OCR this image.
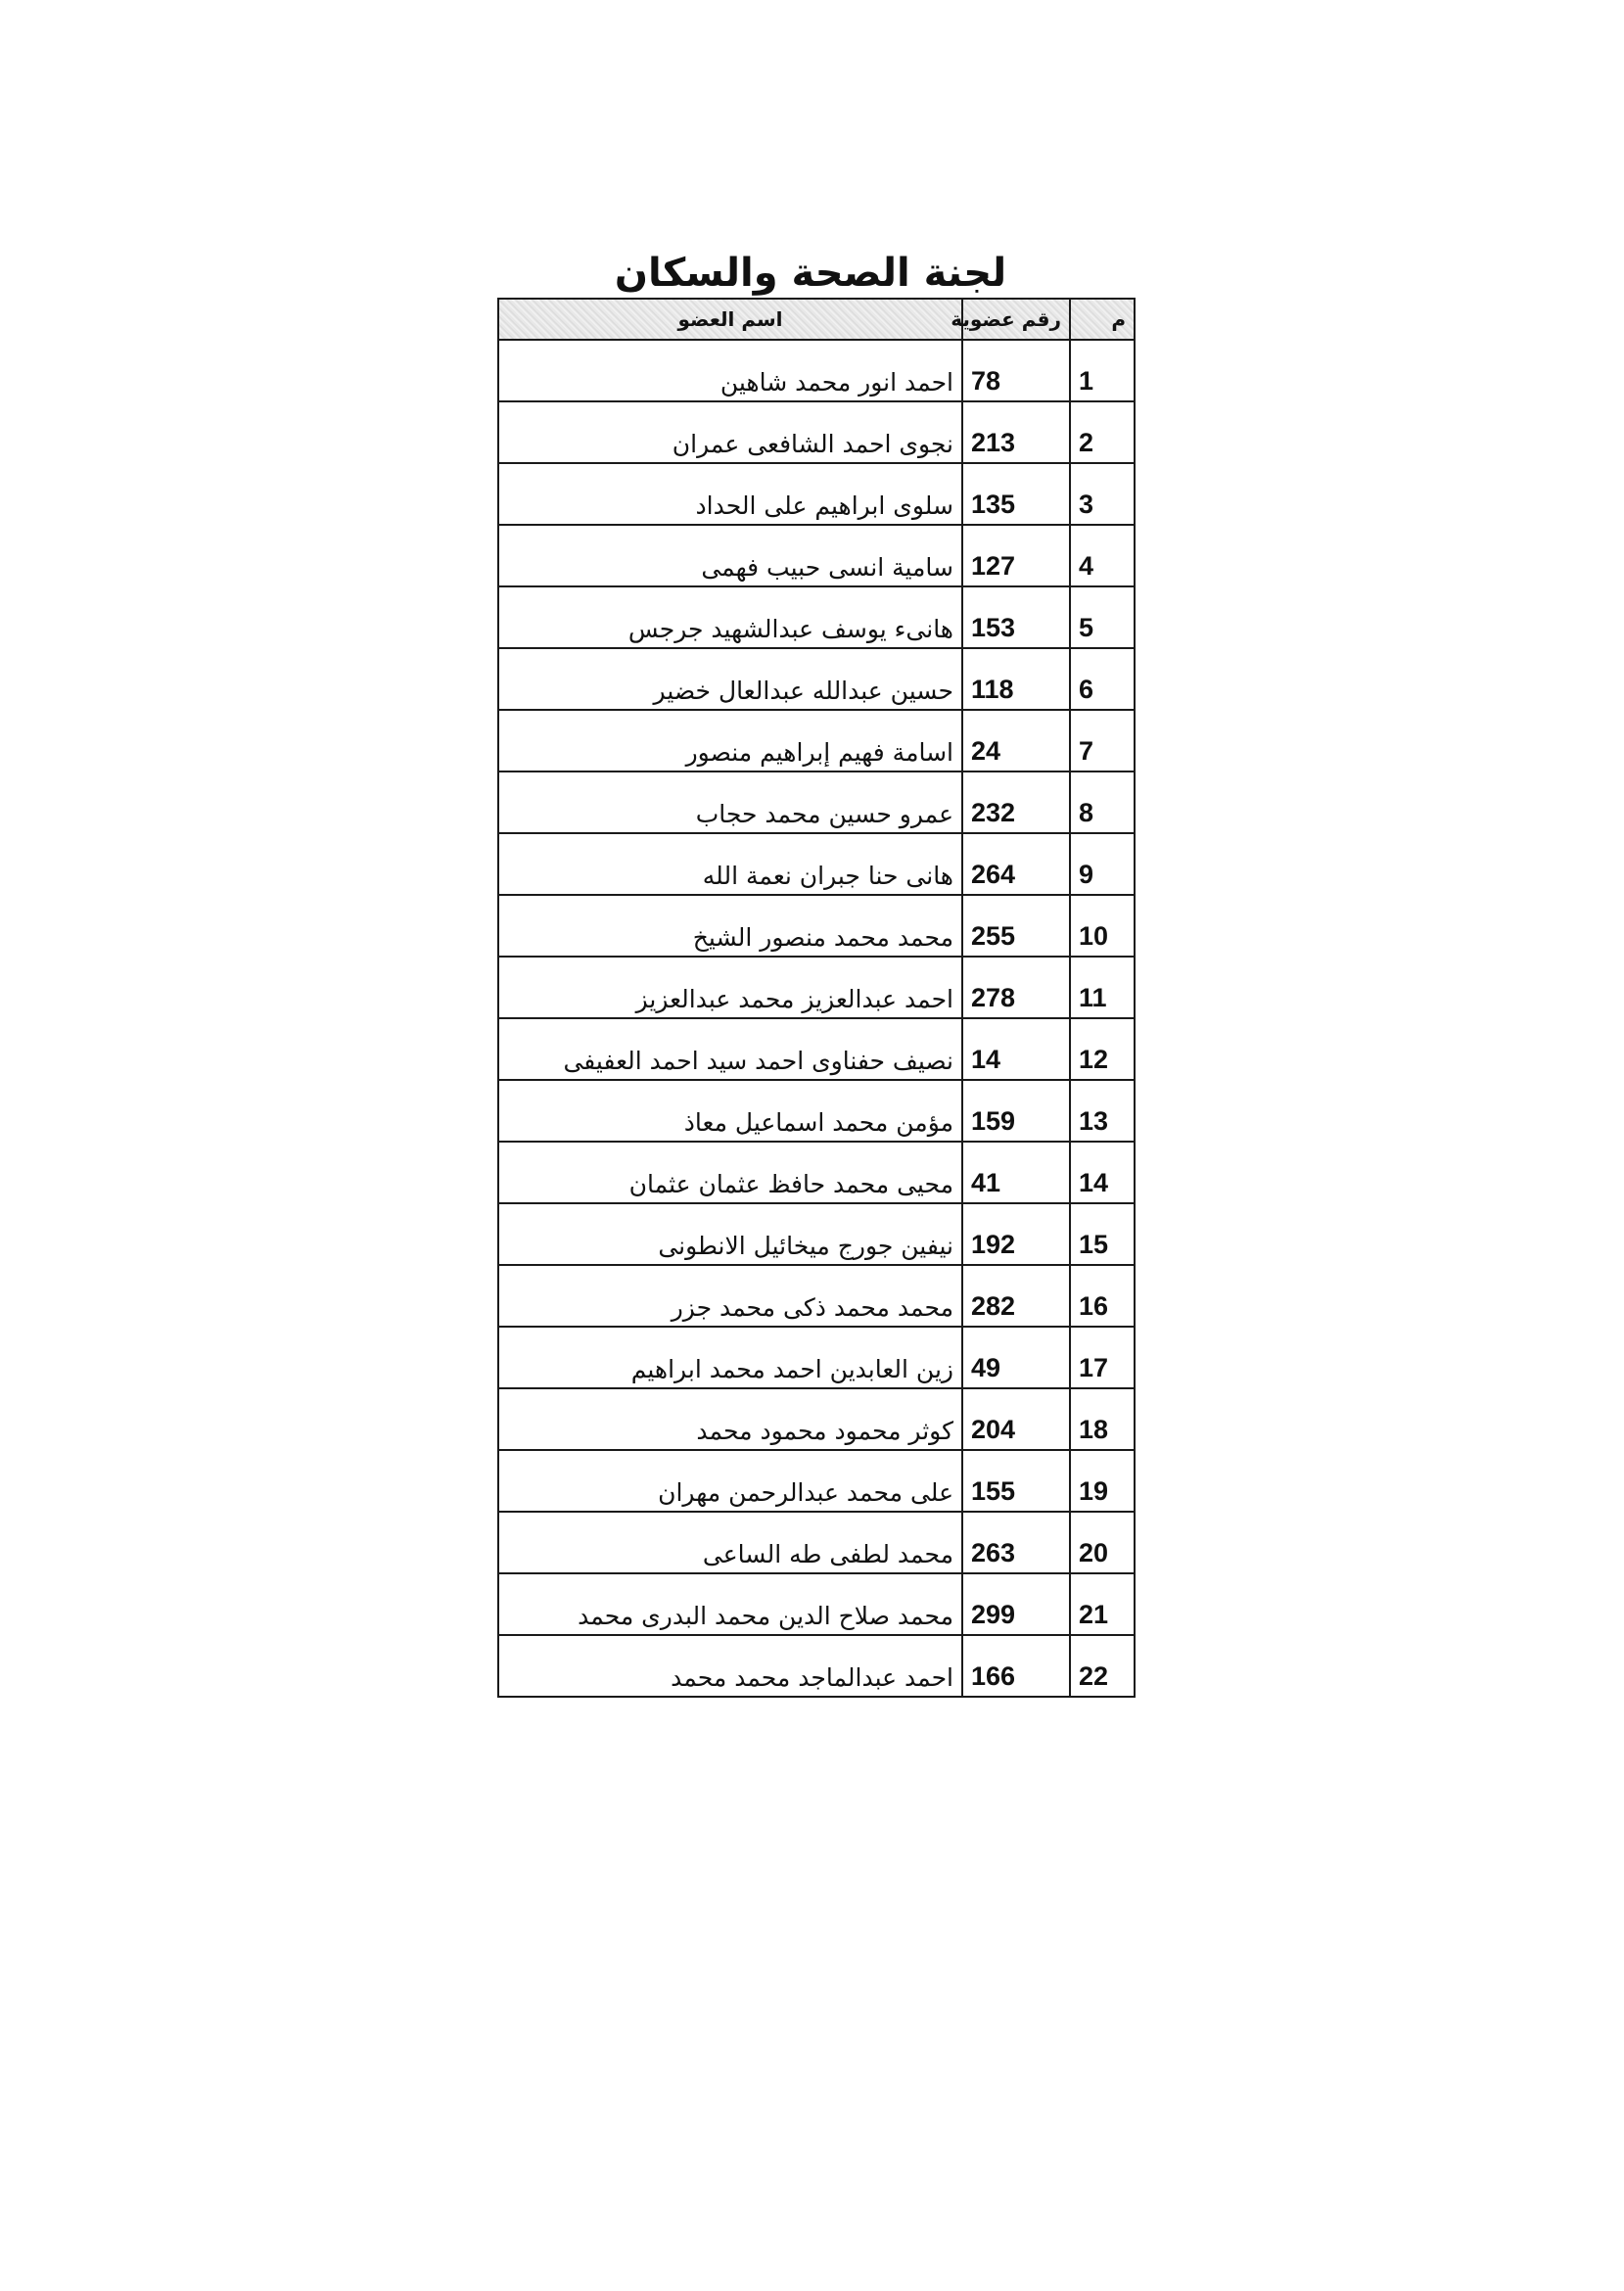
لجنة الصحة والسكان
م	رقم عضوية	اسم العضو
1	78	احمد انور محمد شاهين
2	213	نجوى احمد الشافعى عمران
3	135	سلوى ابراهيم على الحداد
4	127	سامية انسى حبيب فهمى
5	153	هانىء يوسف عبدالشهيد جرجس
6	118	حسين عبدالله عبدالعال خضير
7	24	اسامة فهيم إبراهيم منصور
8	232	عمرو حسين محمد حجاب
9	264	هانى حنا جبران نعمة الله
10	255	محمد محمد منصور الشيخ
11	278	احمد عبدالعزيز محمد عبدالعزيز
12	14	نصيف حفناوى احمد سيد احمد العفيفى
13	159	مؤمن محمد اسماعيل معاذ
14	41	محيى محمد حافظ عثمان عثمان
15	192	نيفين جورج ميخائيل الانطونى
16	282	محمد محمد ذكى محمد جزر
17	49	زين العابدين احمد محمد ابراهيم
18	204	كوثر محمود محمود محمد
19	155	على محمد عبدالرحمن مهران
20	263	محمد لطفى طه الساعى
21	299	محمد صلاح الدين محمد البدرى محمد
22	166	احمد عبدالماجد محمد محمد
